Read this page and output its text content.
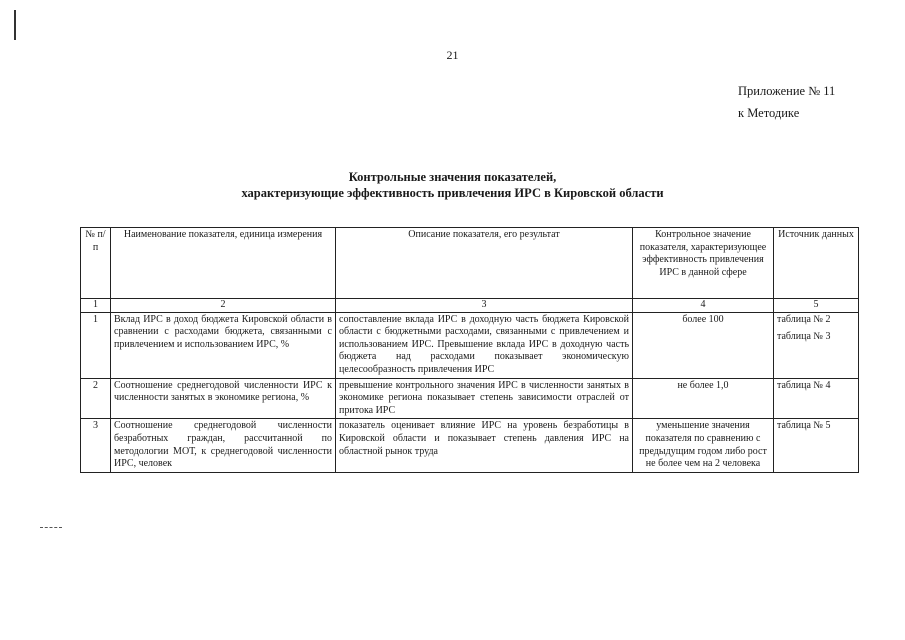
21
Приложение № 11
к Методике
Контрольные значения показателей,
характеризующие эффективность привлечения ИРС в Кировской области
№ п/п	Наименование показателя, единица измерения	Описание показателя, его результат	Контрольное значение показателя, характеризующее эффективность привлечения ИРС в данной сфере	Источник данных
1	2	3	4	5
1	Вклад ИРС в доход бюджета Кировской области в сравнении с расходами бюджета, связанными с привлечением и использованием ИРС, %	сопоставление вклада ИРС в доходную часть бюджета Кировской области с бюджетными расходами, связанными с привлечением и использованием ИРС. Превышение вклада ИРС в доходную часть бюджета над расходами показывает экономическую целесообразность привлечения ИРС	более 100	таблица № 2
таблица № 3

2	Соотношение среднегодовой численности ИРС к численности занятых в экономике региона, %	превышение контрольного значения ИРС в численности занятых в экономике региона показывает степень зависимости отраслей от притока ИРС	не более 1,0	таблица № 4

3	Соотношение среднегодовой численности безработных граждан, рассчитанной по методологии МОТ, к среднегодовой численности ИРС, человек	показатель оценивает влияние ИРС на уровень безработицы в Кировской области и показывает степень давления ИРС на областной рынок труда	уменьшение значения показателя по сравнению с предыдущим годом либо рост не более чем на 2 человека	таблица № 5
